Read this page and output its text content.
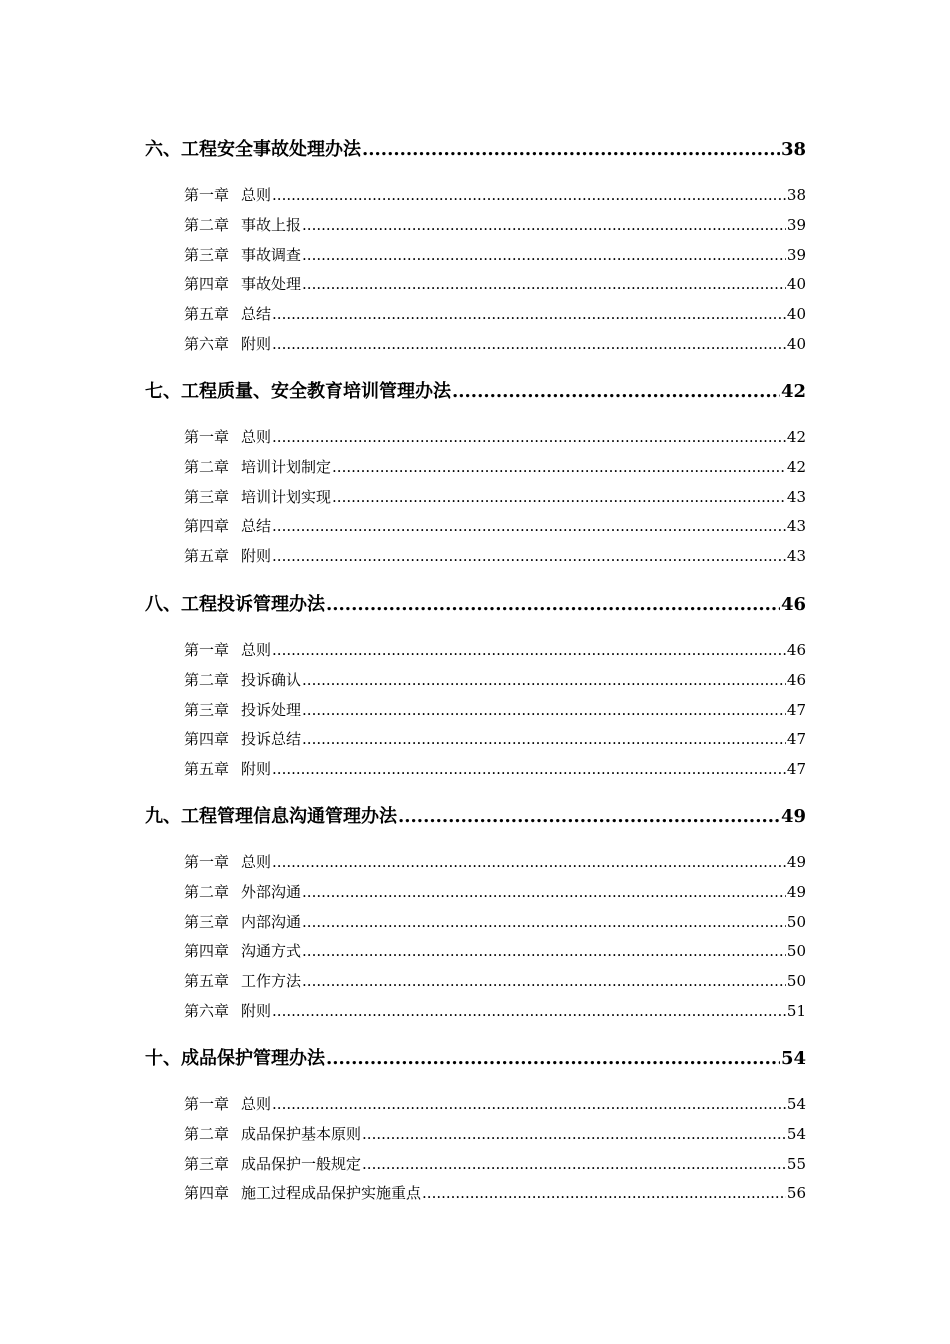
六、工程安全事故处理办法 .....	38
第一章 总则 .....	38
第二章 事故上报 .....	39
第三章 事故调查 .....	39
第四章 事故处理 .....	40
第五章 总结 .....	40
第六章 附则 .....	40
七、工程质量、安全教育培训管理办法 .....	42
第一章 总则 .....	42
第二章 培训计划制定 .....	42
第三章 培训计划实现 .....	43
第四章 总结 .....	43
第五章 附则 .....	43
八、工程投诉管理办法 .....	46
第一章 总则 .....	46
第二章 投诉确认 .....	46
第三章 投诉处理 .....	47
第四章 投诉总结 .....	47
第五章 附则 .....	47
九、工程管理信息沟通管理办法 .....	49
第一章 总则 .....	49
第二章 外部沟通 .....	49
第三章 内部沟通 .....	50
第四章 沟通方式 .....	50
第五章 工作方法 .....	50
第六章 附则 .....	51
十、成品保护管理办法 .....	54
第一章 总则 .....	54
第二章 成品保护基本原则 .....	54
第三章 成品保护一般规定 .....	55
第四章 施工过程成品保护实施重点 .....	56
